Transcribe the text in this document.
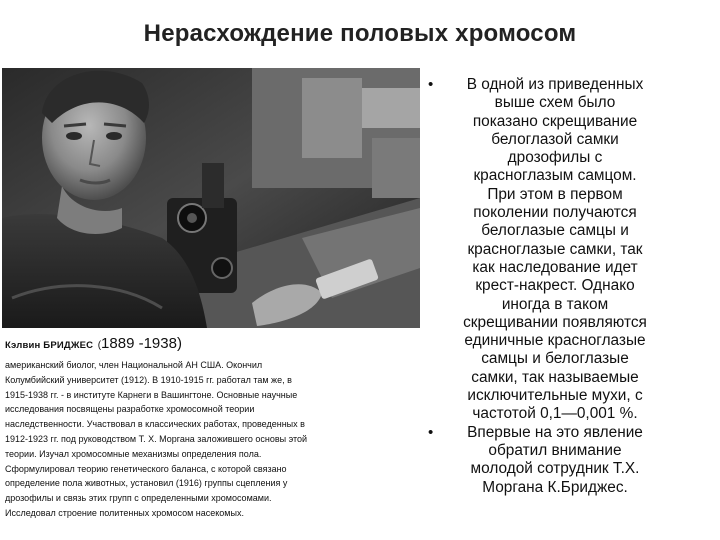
Нерасхождение половых хромосом
Кэлвин БРИДЖЕС (1889 -1938)
американский биолог, член Национальной АН США. Окончил
Колумбийский университет (1912). В 1910-1915 гг. работал там же, в
1915-1938 гг. - в институте Карнеги в Вашингтоне. Основные научные
исследования посвящены разработке хромосомной теории
наследственности. Участвовал в классических работах, проведенных в
1912-1923 гг. под руководством Т. Х. Моргана заложившего основы этой
теории. Изучал хромосомные механизмы определения пола.
Сформулировал теорию генетического баланса, с которой связано
определение пола животных, установил (1916) группы сцепления у
дрозофилы и связь этих групп с определенными хромосомами.
Исследовал строение политенных хромосом насекомых.
•	В одной из приведенных
выше схем было
показано скрещивание
белоглазой самки
дрозофилы с
красноглазым самцом.
При этом в первом
поколении получаются
белоглазые самцы и
красноглазые самки, так
как наследование идет
крест-накрест. Однако
иногда в таком
скрещивании появляются
единичные красноглазые
самцы и белоглазые
самки, так называемые
исключительные мухи, с
частотой 0,1—0,001 %.
•	Впервые на это явление
обратил внимание
молодой сотрудник Т.Х.
Моргана К.Бриджес.
